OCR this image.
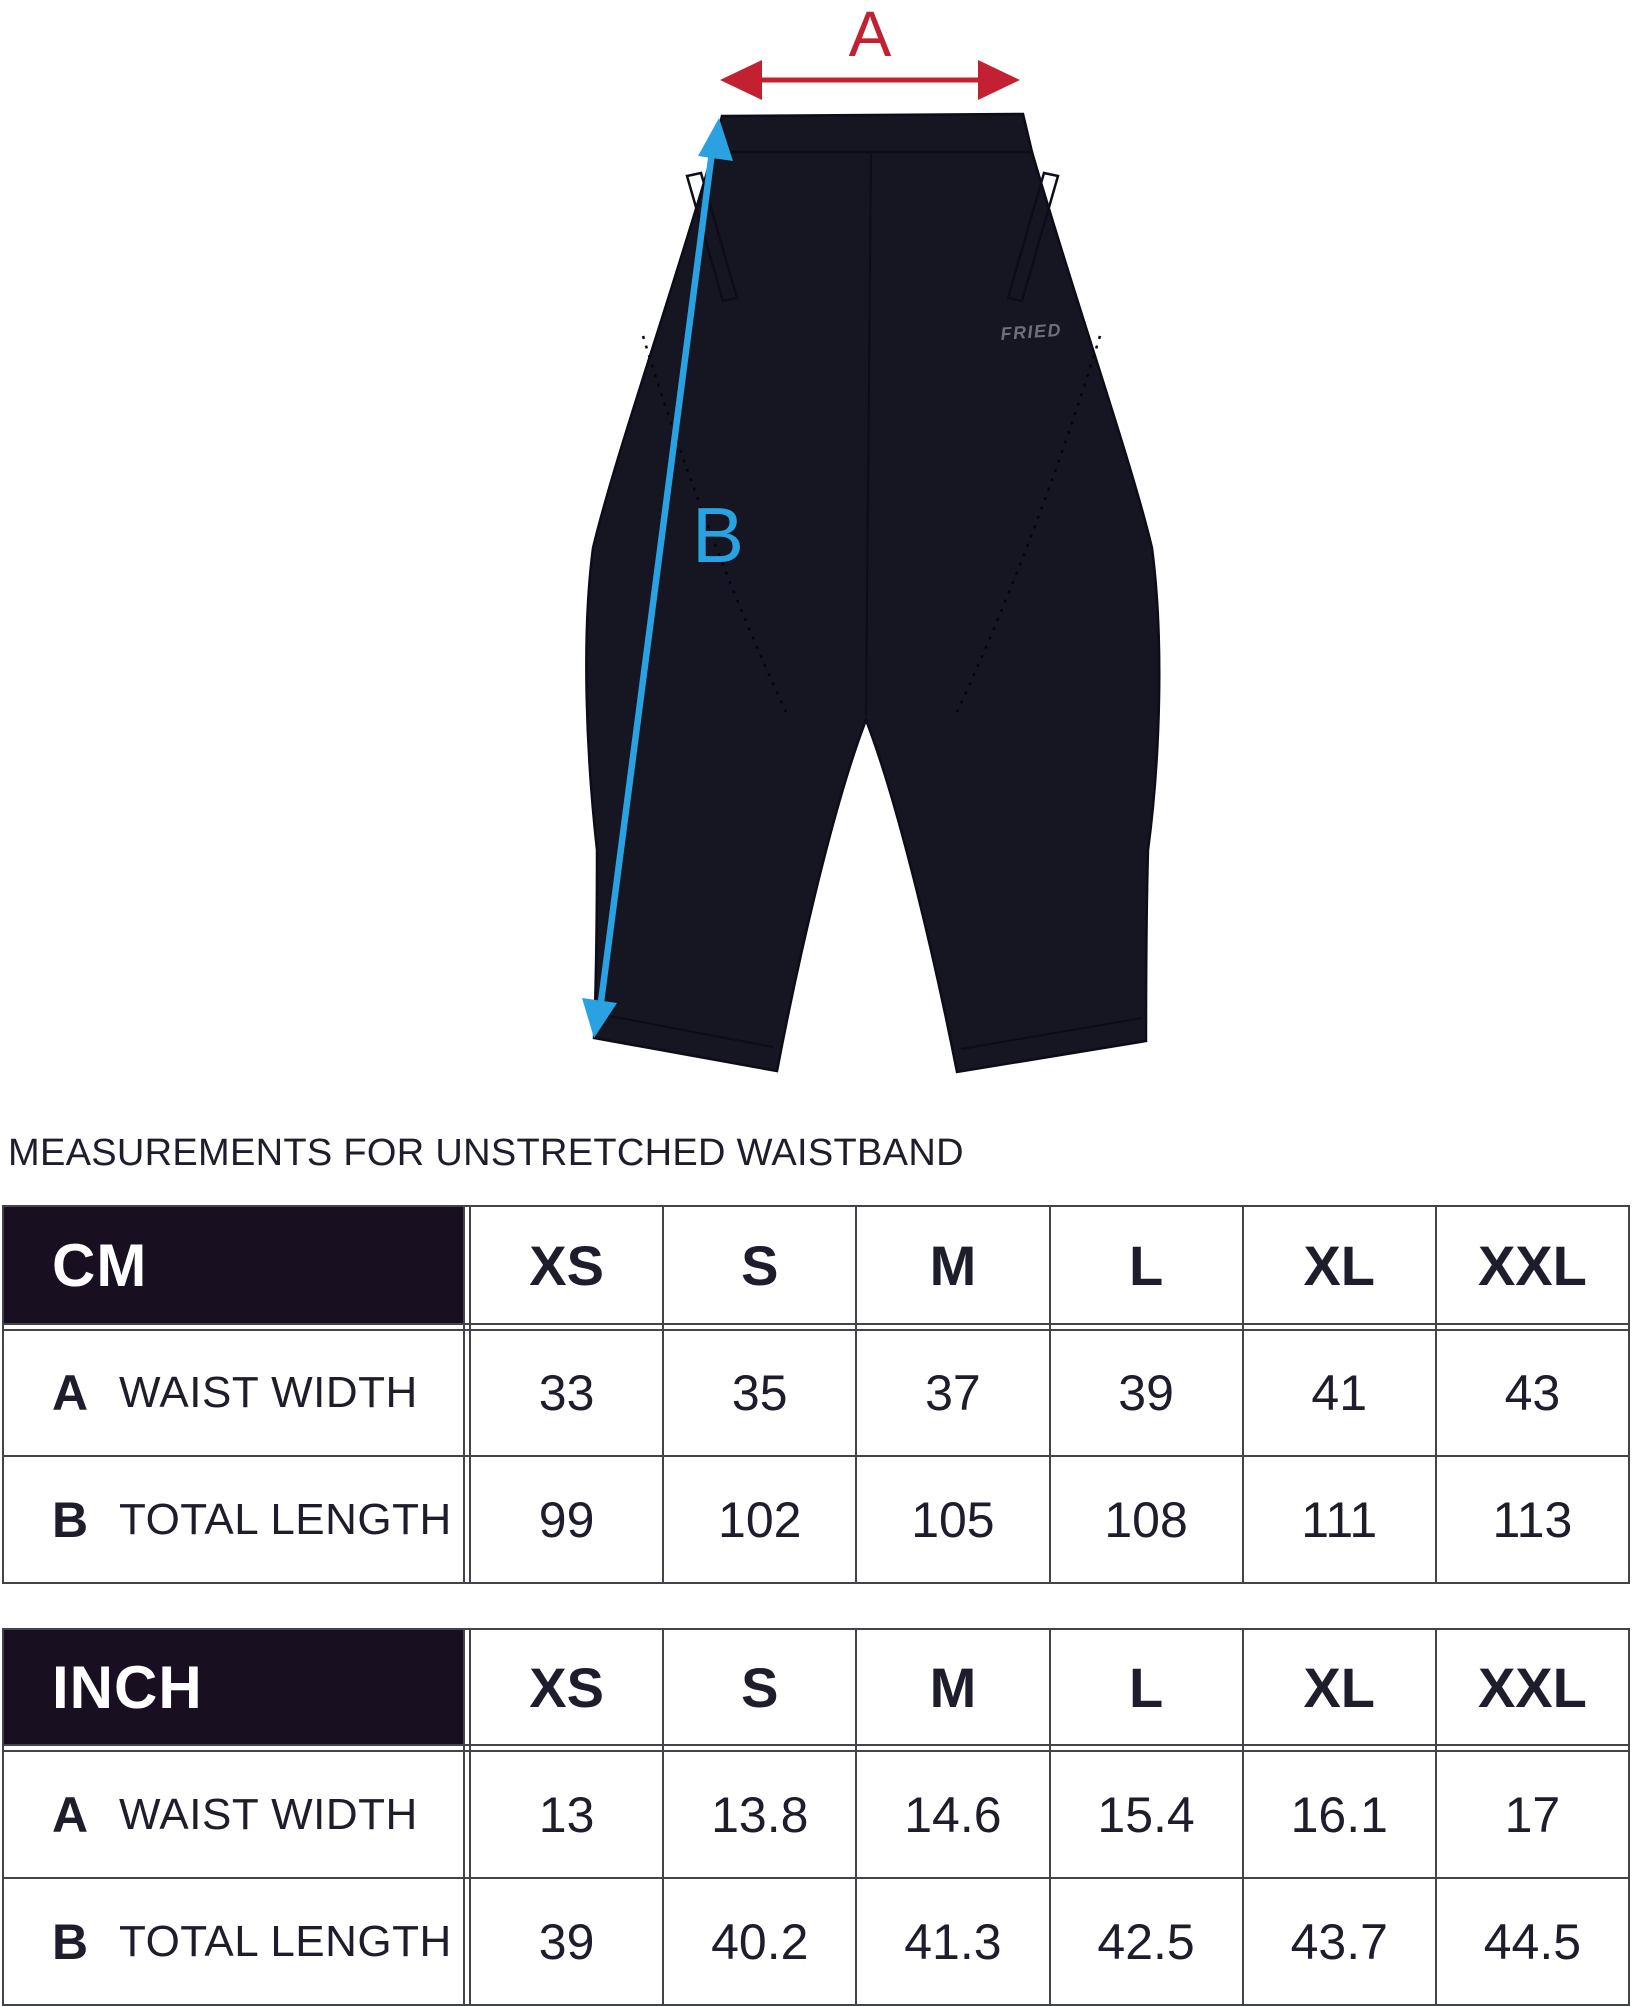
FRIED
A
B
MEASUREMENTS FOR UNSTRETCHED WAISTBAND
CM	XS	S	M	L	XL	XXL
A WAIST WIDTH	33	35	37	39	41	43
B TOTAL LENGTH	99	102	105	108	111	113
INCH	XS	S	M	L	XL	XXL
A WAIST WIDTH	13	13.8	14.6	15.4	16.1	17
B TOTAL LENGTH	39	40.2	41.3	42.5	43.7	44.5
